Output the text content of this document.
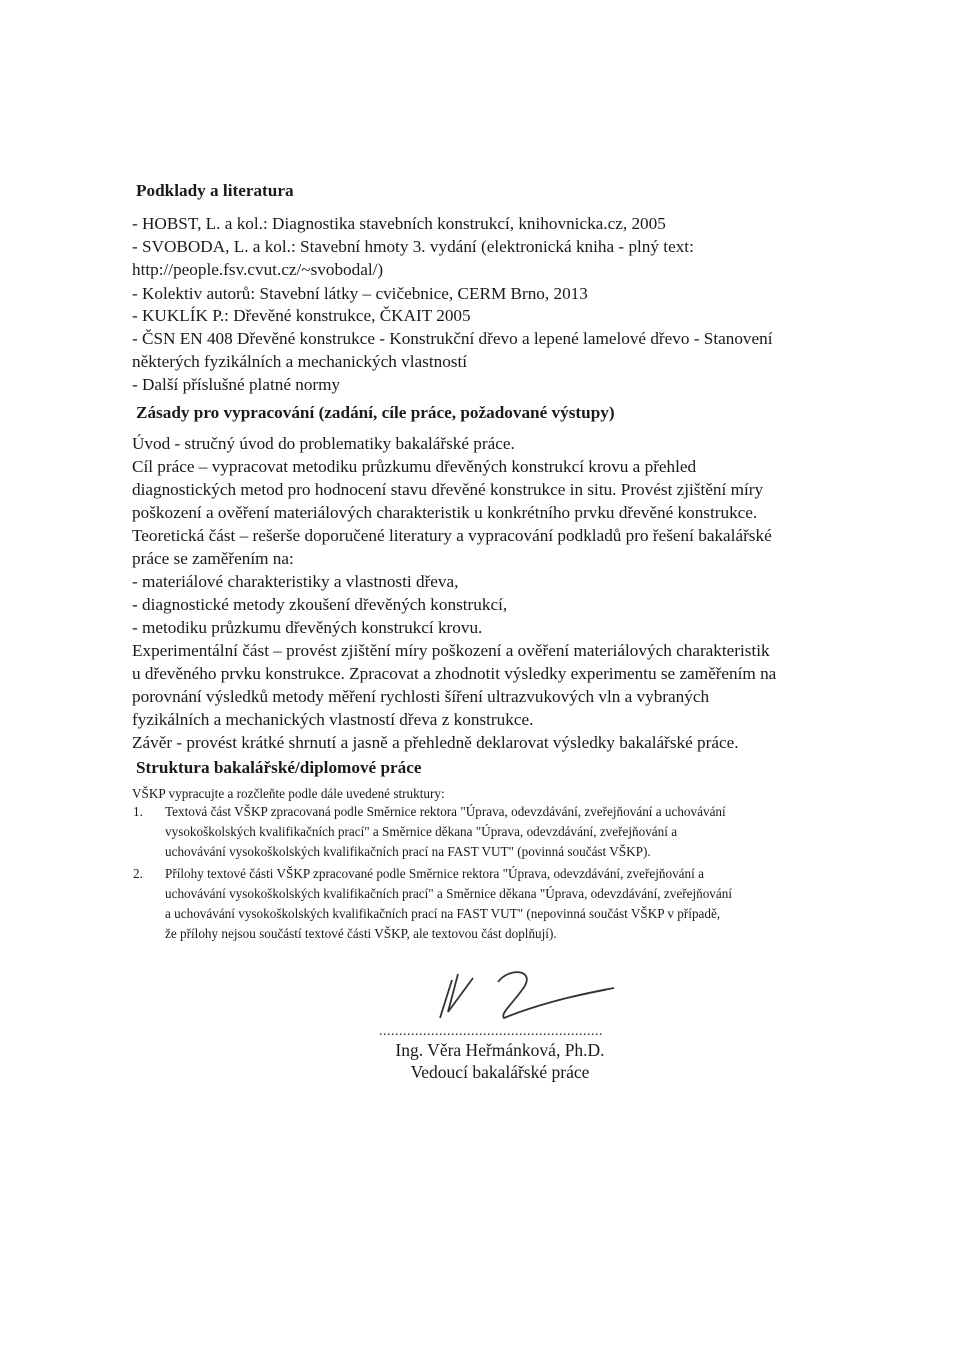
Podklady a literatura
- HOBST, L. a kol.: Diagnostika stavebních konstrukcí, knihovnicka.cz, 2005
- SVOBODA, L. a kol.: Stavební hmoty 3. vydání (elektronická kniha - plný text:
http://people.fsv.cvut.cz/~svobodal/)
- Kolektiv autorů: Stavební látky – cvičebnice, CERM Brno, 2013
- KUKLÍK P.: Dřevěné konstrukce, ČKAIT 2005
- ČSN EN 408 Dřevěné konstrukce - Konstrukční dřevo a lepené lamelové dřevo - Stanovení
některých fyzikálních a mechanických vlastností
- Další příslušné platné normy
Zásady pro vypracování (zadání, cíle práce, požadované výstupy)
Úvod - stručný úvod do problematiky bakalářské práce.
Cíl práce – vypracovat metodiku průzkumu dřevěných konstrukcí krovu a přehled
diagnostických metod pro hodnocení stavu dřevěné konstrukce in situ. Provést zjištění míry
poškození a ověření materiálových charakteristik u konkrétního prvku dřevěné konstrukce.
Teoretická část – rešerše doporučené literatury a vypracování podkladů pro řešení bakalářské
práce se zaměřením na:
- materiálové charakteristiky a vlastnosti dřeva,
- diagnostické metody zkoušení dřevěných konstrukcí,
- metodiku průzkumu dřevěných konstrukcí krovu.
Experimentální část – provést zjištění míry poškození a ověření materiálových charakteristik
u dřevěného prvku konstrukce. Zpracovat a zhodnotit výsledky experimentu se zaměřením na
porovnání výsledků metody měření rychlosti šíření ultrazvukových vln a vybraných
fyzikálních a mechanických vlastností dřeva z konstrukce.
Závěr - provést krátké shrnutí a jasně a přehledně deklarovat výsledky bakalářské práce.
Struktura bakalářské/diplomové práce
VŠKP vypracujte a rozčleňte podle dále uvedené struktury:
1. Textová část VŠKP zpracovaná podle Směrnice rektora "Úprava, odevzdávání, zveřejňování a uchovávání
vysokoškolských kvalifikačních prací" a Směrnice děkana "Úprava, odevzdávání, zveřejňování a
uchovávání vysokoškolských kvalifikačních prací na FAST VUT" (povinná součást VŠKP).
2. Přílohy textové části VŠKP zpracované podle Směrnice rektora "Úprava, odevzdávání, zveřejňování a
uchovávání vysokoškolských kvalifikačních prací" a Směrnice děkana "Úprava, odevzdávání, zveřejňování
a uchovávání vysokoškolských kvalifikačních prací na FAST VUT" (nepovinná součást VŠKP v případě,
že přílohy nejsou součástí textové části VŠKP, ale textovou část doplňují).
........................................................
Ing. Věra Heřmánková, Ph.D.
Vedoucí bakalářské práce
